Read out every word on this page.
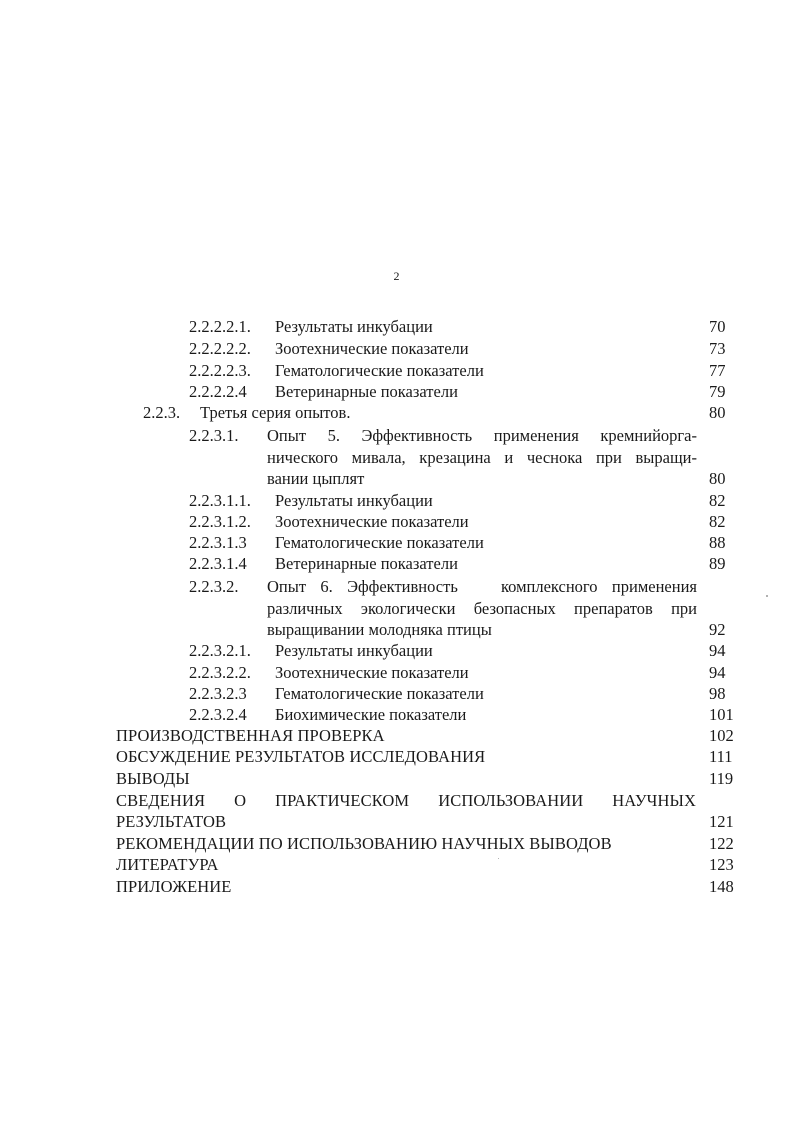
2
2.2.2.2.1. Результаты инкубации	70
2.2.2.2.2. Зоотехнические показатели	73
2.2.2.2.3. Гематологические показатели	77
2.2.2.2.4 Ветеринарные показатели	79
2.2.3. Третья серия опытов.	80
2.2.3.1. Опыт 5. Эффективность применения кремнийорга-
нического мивала, крезацина и чеснока при выращи-
вании цыплят	80
2.2.3.1.1. Результаты инкубации	82
2.2.3.1.2. Зоотехнические показатели	82
2.2.3.1.3 Гематологические показатели	88
2.2.3.1.4 Ветеринарные показатели	89
2.2.3.2. Опыт 6. Эффективность   комплексного применения
различных экологически безопасных препаратов при
выращивании молодняка птицы	92
2.2.3.2.1. Результаты инкубации	94
2.2.3.2.2. Зоотехнические показатели	94
2.2.3.2.3 Гематологические показатели	98
2.2.3.2.4 Биохимические показатели	101
ПРОИЗВОДСТВЕННАЯ ПРОВЕРКА	102
ОБСУЖДЕНИЕ РЕЗУЛЬТАТОВ ИССЛЕДОВАНИЯ	111
ВЫВОДЫ	119
СВЕДЕНИЯ О ПРАКТИЧЕСКОМ ИСПОЛЬЗОВАНИИ НАУЧНЫХ
РЕЗУЛЬТАТОВ	121
РЕКОМЕНДАЦИИ ПО ИСПОЛЬЗОВАНИЮ НАУЧНЫХ ВЫВОДОВ	122
ЛИТЕРАТУРА	123
ПРИЛОЖЕНИЕ	148
